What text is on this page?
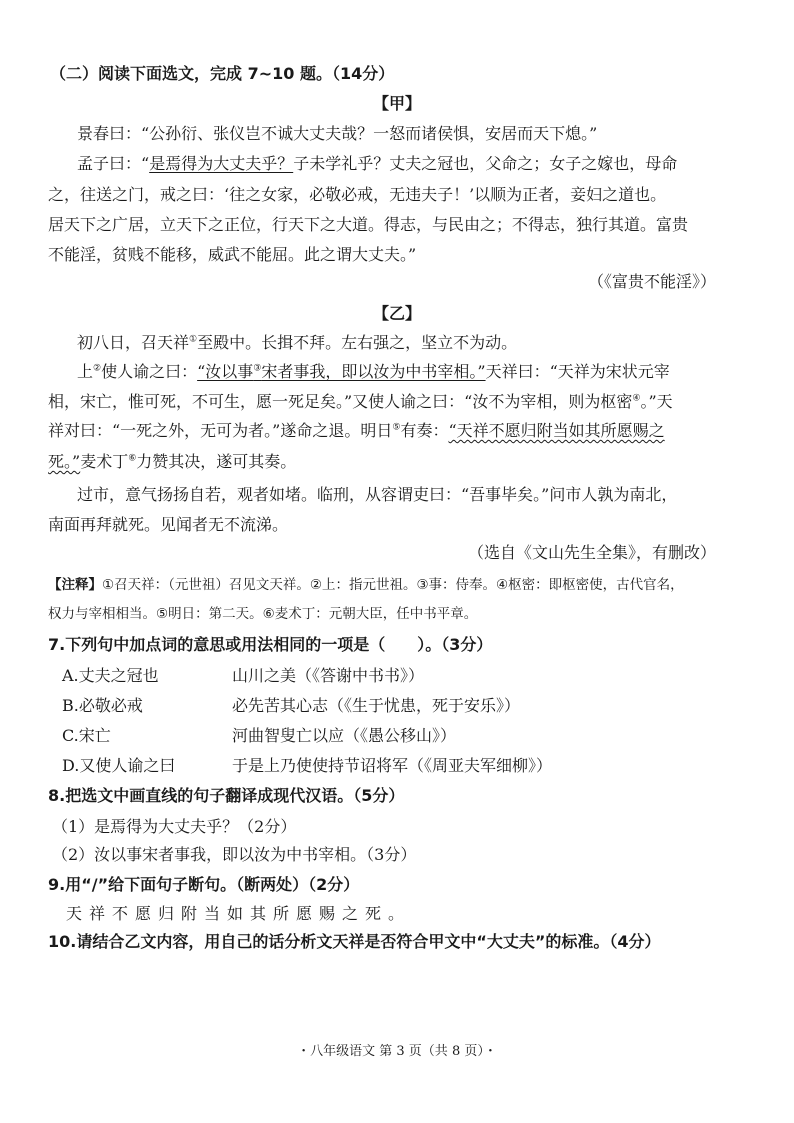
（二）阅读下面选文，完成 7~10 题。（14分）
【甲】
景春曰：“公孙衍、张仪岂不诚大丈夫哉？一怒而诸侯惧，安居而天下熄。”
孟子曰：“是焉得为大丈夫乎？子未学礼乎？丈夫之冠也，父命之；女子之嫁也，母命
之，往送之门，戒之曰：‘往之女家，必敬必戒，无违夫子！’以顺为正者，妾妇之道也。
居天下之广居，立天下之正位，行天下之大道。得志，与民由之；不得志，独行其道。富贵
不能淫，贫贱不能移，威武不能屈。此之谓大丈夫。”
（《富贵不能淫》）
【乙】
初八日，召天祥①至殿中。长揖不拜。左右强之，坚立不为动。
上②使人谕之曰：“汝以事③宋者事我，即以汝为中书宰相。”天祥曰：“天祥为宋状元宰
相，宋亡，惟可死，不可生，愿一死足矣。”又使人谕之曰：“汝不为宰相，则为枢密④。”天
祥对曰：“一死之外，无可为者。”遂命之退。明日⑤有奏：“天祥不愿归附当如其所愿赐之
死。”麦术丁⑥力赞其决，遂可其奏。
过市，意气扬扬自若，观者如堵。临刑，从容谓吏曰：“吾事毕矣。”问市人孰为南北，
南面再拜就死。见闻者无不流涕。
（选自《文山先生全集》，有删改）
【注释】①召天祥：（元世祖）召见文天祥。②上：指元世祖。③事：侍奉。④枢密：即枢密使，古代官名，
权力与宰相相当。⑤明日：第二天。⑥麦术丁：元朝大臣，任中书平章。
7.下列句中加点词的意思或用法相同的一项是（　　）。（3分）
A.丈夫之冠也	山川之美（《答谢中书书》）
B.必敬必戒	必先苦其心志（《生于忧患，死于安乐》）
C.宋亡	河曲智叟亡以应（《愚公移山》）
D.又使人谕之曰	于是上乃使使持节诏将军（《周亚夫军细柳》）
8.把选文中画直线的句子翻译成现代汉语。（5分）
（1）是焉得为大丈夫乎？（2分）
（2）汝以事宋者事我，即以汝为中书宰相。（3分）
9.用“/”给下面句子断句。（断两处）（2分）
天祥不愿归附当如其所愿赐之死。
10.请结合乙文内容，用自己的话分析文天祥是否符合甲文中“大丈夫”的标准。（4分）
・八年级语文 第 3 页（共 8 页）・
